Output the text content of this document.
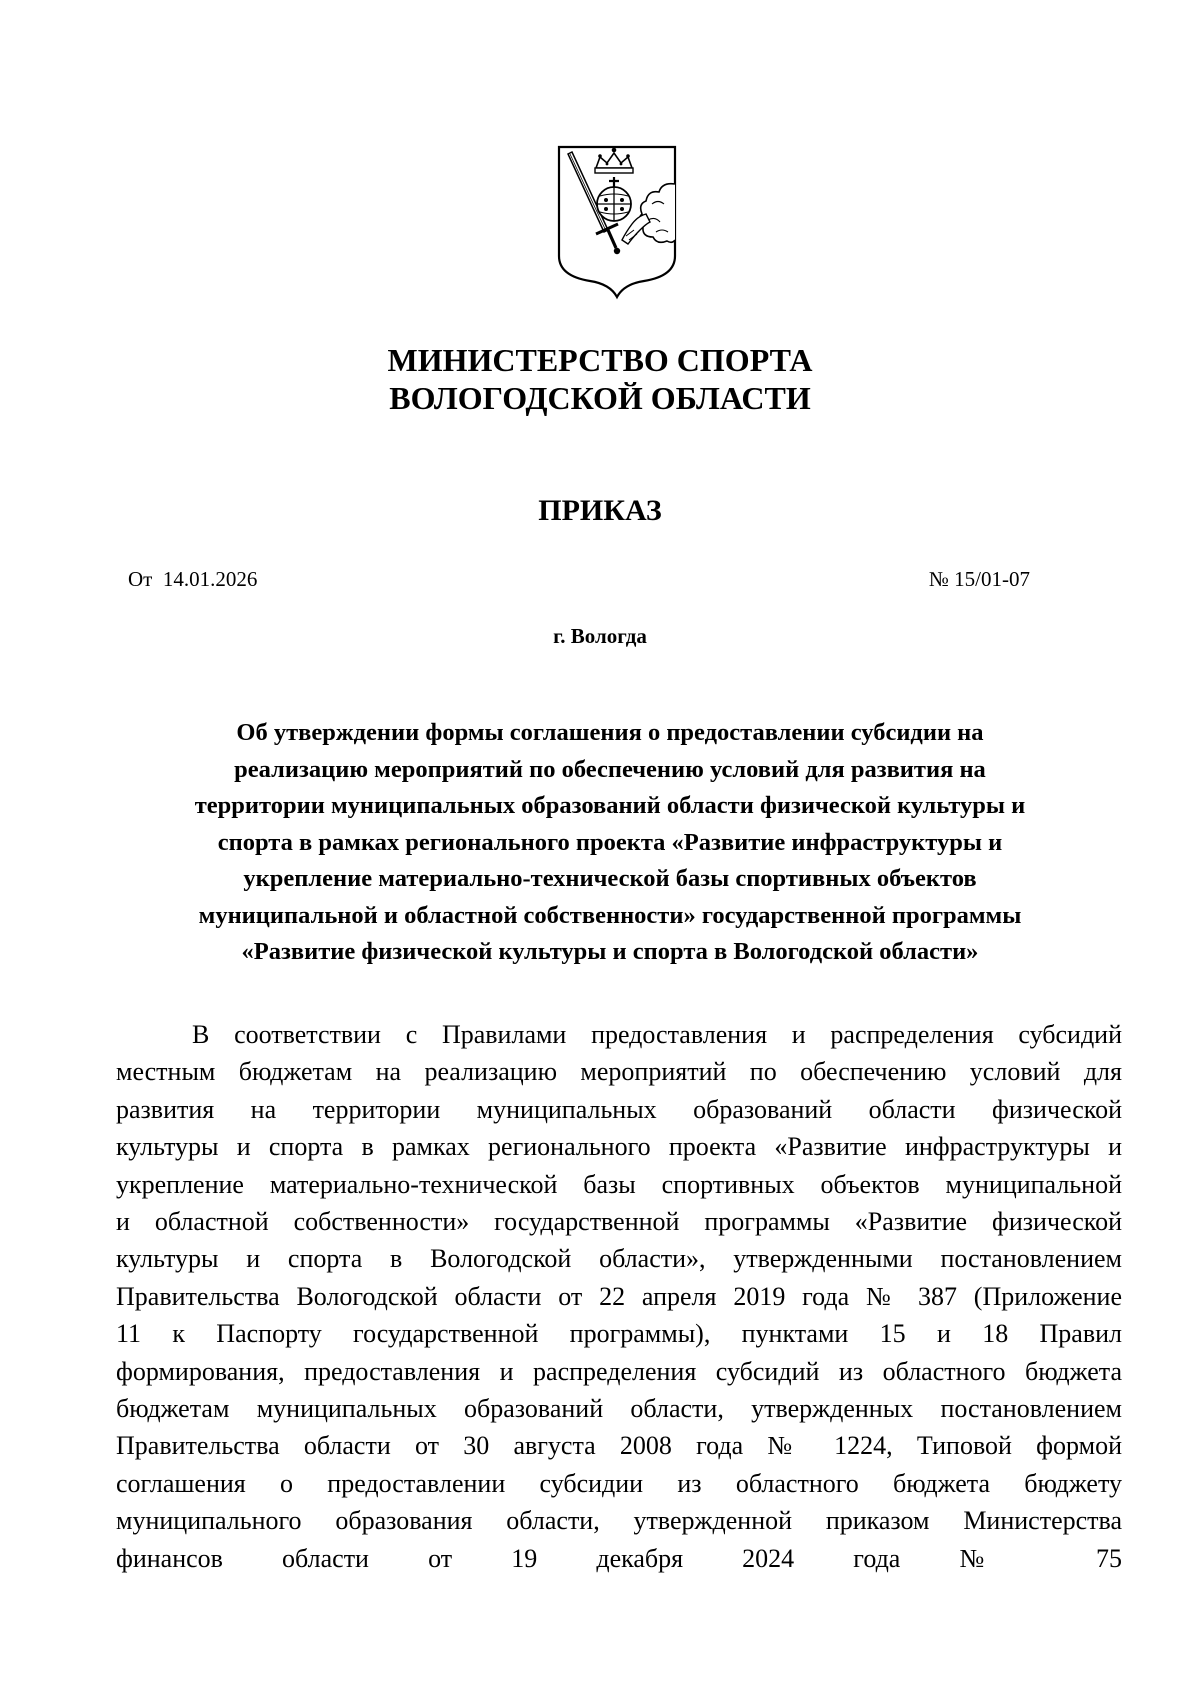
МИНИСТЕРСТВО СПОРТА
ВОЛОГОДСКОЙ ОБЛАСТИ
ПРИКАЗ
От  14.01.2026	№ 15/01-07
г. Вологда
Об утверждении формы соглашения о предоставлении субсидии на
реализацию мероприятий по обеспечению условий для развития на
территории муниципальных образований области физической культуры и
спорта в рамках регионального проекта «Развитие инфраструктуры и
укрепление материально-технической базы спортивных объектов
муниципальной и областной собственности» государственной программы
«Развитие физической культуры и спорта в Вологодской области»
В соответствии с Правилами предоставления и распределения субсидий
местным бюджетам на реализацию мероприятий по обеспечению условий для
развития на территории муниципальных образований области физической
культуры и спорта в рамках регионального проекта «Развитие инфраструктуры и
укрепление материально-технической базы спортивных объектов муниципальной
и областной собственности» государственной программы «Развитие физической
культуры и спорта в Вологодской области», утвержденными постановлением
Правительства Вологодской области от 22 апреля 2019 года № 387 (Приложение
11 к Паспорту государственной программы), пунктами 15 и 18 Правил
формирования, предоставления и распределения субсидий из областного бюджета
бюджетам муниципальных образований области, утвержденных постановлением
Правительства области от 30 августа 2008 года № 1224, Типовой формой
соглашения о предоставлении субсидии из областного бюджета бюджету
муниципального образования области, утвержденной приказом Министерства
финансов области от 19 декабря 2024 года № 75
